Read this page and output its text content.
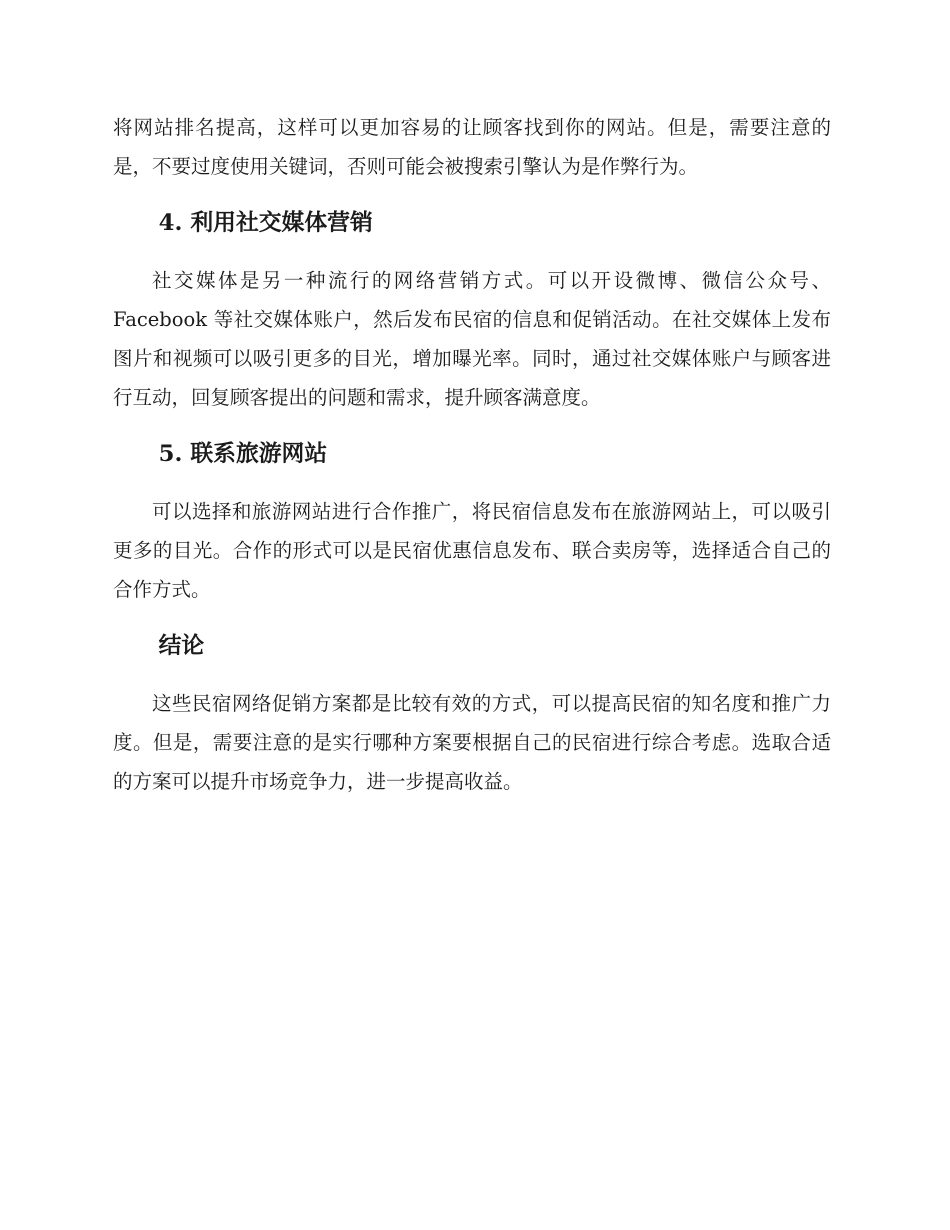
将网站排名提高，这样可以更加容易的让顾客找到你的网站。但是，需要注意的是，不要过度使用关键词，否则可能会被搜索引擎认为是作弊行为。

4. 利用社交媒体营销

社交媒体是另一种流行的网络营销方式。可以开设微博、微信公众号、Facebook 等社交媒体账户，然后发布民宿的信息和促销活动。在社交媒体上发布图片和视频可以吸引更多的目光，增加曝光率。同时，通过社交媒体账户与顾客进行互动，回复顾客提出的问题和需求，提升顾客满意度。

5. 联系旅游网站

可以选择和旅游网站进行合作推广，将民宿信息发布在旅游网站上，可以吸引更多的目光。合作的形式可以是民宿优惠信息发布、联合卖房等，选择适合自己的合作方式。

结论

这些民宿网络促销方案都是比较有效的方式，可以提高民宿的知名度和推广力度。但是，需要注意的是实行哪种方案要根据自己的民宿进行综合考虑。选取合适的方案可以提升市场竞争力，进一步提高收益。
